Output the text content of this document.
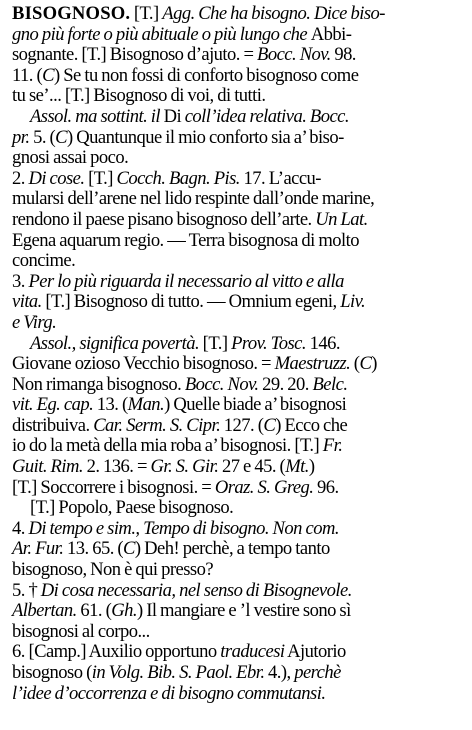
BISOGNOSO. [T.] Agg. Che ha bisogno. Dice biso-
gno più forte o più abituale o più lungo che Abbi-
sognante. [T.] Bisognoso d’ajuto. = Bocc. Nov. 98.
11. (C) Se tu non fossi di conforto bisognoso come
tu se’... [T.] Bisognoso di voi, di tutti.
Assol. ma sottint. il Di coll’idea relativa. Bocc.
pr. 5. (C) Quantunque il mio conforto sia a’ biso-
gnosi assai poco.
2. Di cose. [T.] Cocch. Bagn. Pis. 17. L’accu-
mularsi dell’arene nel lido respinte dall’onde marine,
rendono il paese pisano bisognoso dell’arte. Un Lat.
Egena aquarum regio. — Terra bisognosa di molto
concime.
3. Per lo più riguarda il necessario al vitto e alla
vita. [T.] Bisognoso di tutto. — Omnium egeni, Liv.
e Virg.
Assol., significa povertà. [T.] Prov. Tosc. 146.
Giovane ozioso Vecchio bisognoso. = Maestruzz. (C)
Non rimanga bisognoso. Bocc. Nov. 29. 20. Belc.
vit. Eg. cap. 13. (Man.) Quelle biade a’ bisognosi
distribuiva. Car. Serm. S. Cipr. 127. (C) Ecco che
io do la metà della mia roba a’ bisognosi. [T.] Fr.
Guit. Rim. 2. 136. = Gr. S. Gir. 27 e 45. (Mt.)
[T.] Soccorrere i bisognosi. = Oraz. S. Greg. 96.
[T.] Popolo, Paese bisognoso.
4. Di tempo e sim., Tempo di bisogno. Non com.
Ar. Fur. 13. 65. (C) Deh! perchè, a tempo tanto
bisognoso, Non è qui presso?
5. † Di cosa necessaria, nel senso di Bisognevole.
Albertan. 61. (Gh.) Il mangiare e ’l vestire sono sì
bisognosi al corpo...
6. [Camp.] Auxilio opportuno traducesi Ajutorio
bisognoso (in Volg. Bib. S. Paol. Ebr. 4.), perchè
l’idee d’occorrenza e di bisogno commutansi.
